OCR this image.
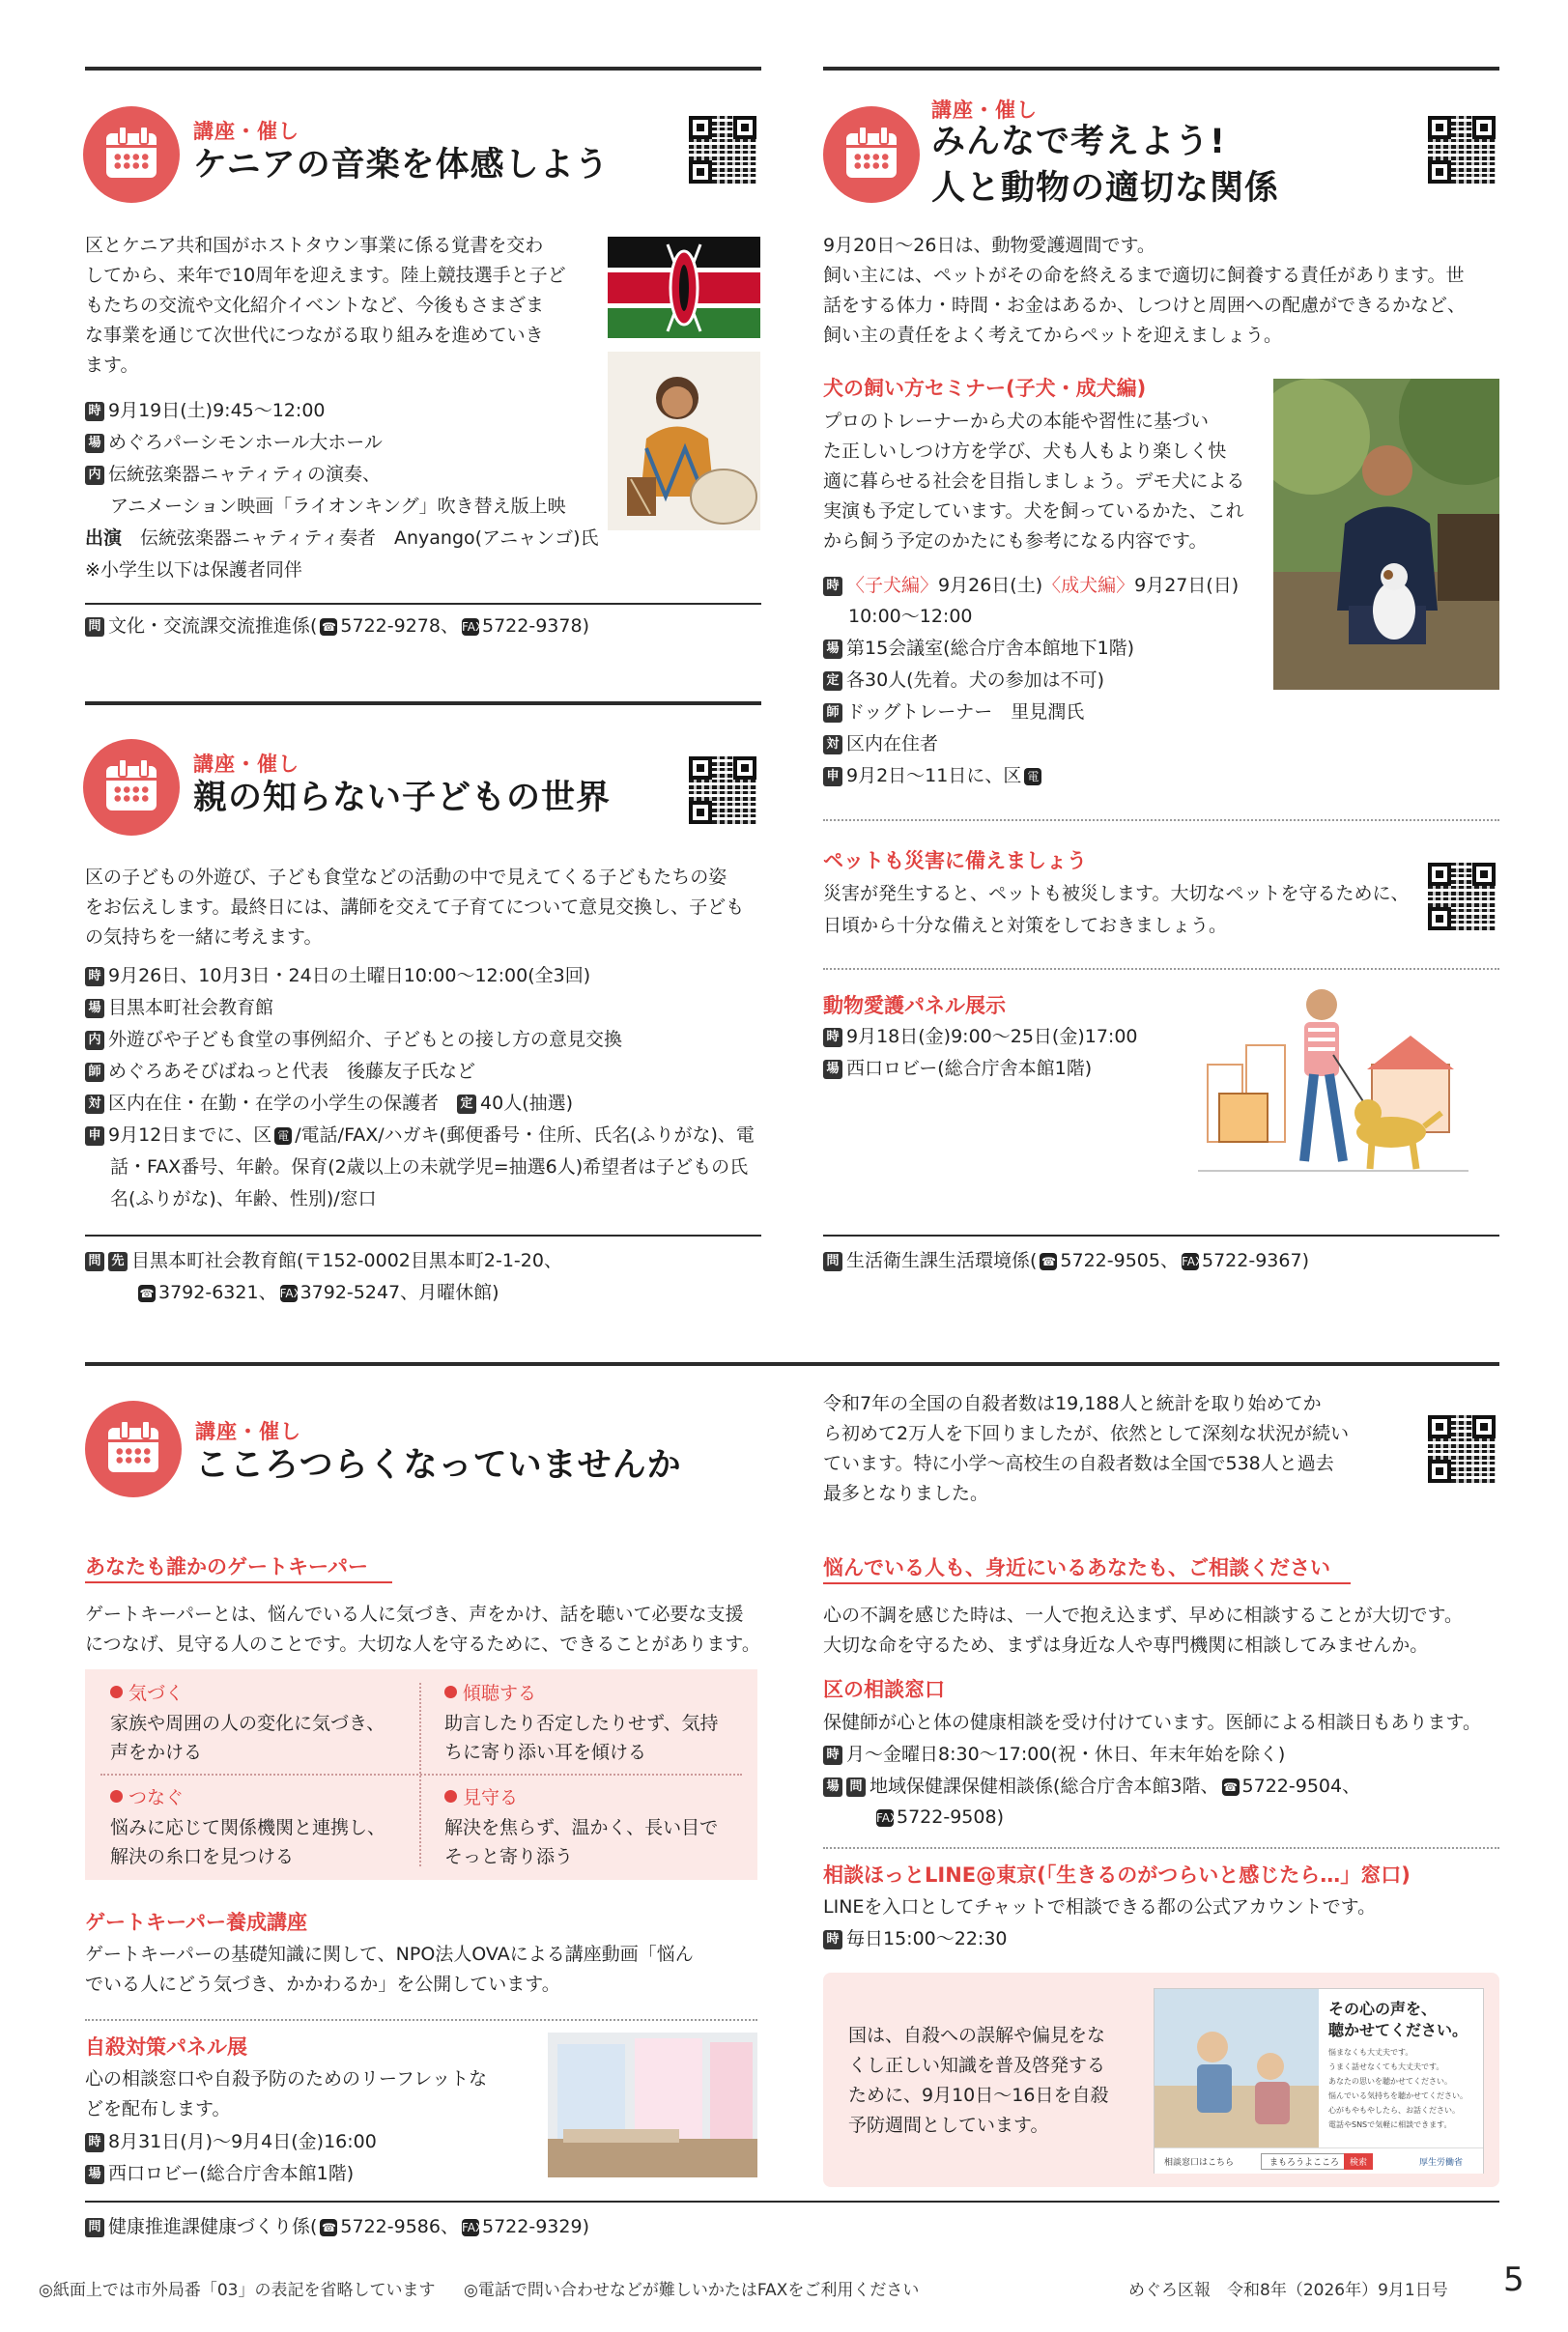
講座・催し
ケニアの音楽を体感しよう
区とケニア共和国がホストタウン事業に係る覚書を交わ
してから、来年で10周年を迎えます。陸上競技選手と子ど
もたちの交流や文化紹介イベントなど、今後もさまざま
な事業を通じて次世代につながる取り組みを進めていき
ます。
時 9月19日(土)9:45〜12:00
場 めぐろパーシモンホール大ホール
内 伝統弦楽器ニャティティの演奏、
アニメーション映画「ライオンキング」吹き替え版上映
出演　 伝統弦楽器ニャティティ奏者　Anyango(アニャンゴ)氏
※小学生以下は保護者同伴
問 文化・交流課交流推進係( ☎ 5722-9278、 FAX5722-9378)
講座・催し
親の知らない子どもの世界
区の子どもの外遊び、子ども食堂などの活動の中で見えてくる子どもたちの姿
をお伝えします。最終日には、講師を交えて子育てについて意見交換し、子ども
の気持ちを一緒に考えます。
時 9月26日、10月3日・24日の土曜日10:00〜12:00(全3回)
場 目黒本町社会教育館
内 外遊びや子ども食堂の事例紹介、子どもとの接し方の意見交換
師 めぐろあそびばねっと代表　後藤友子氏など
対 区内在住・在勤・在学の小学生の保護者　 定 40人(抽選)
申 9月12日までに、区 電 /電話/FAX/ハガキ(郵便番号・住所、氏名(ふりがな)、電
話・FAX番号、年齢。保育(2歳以上の未就学児=抽選6人)希望者は子どもの氏
名(ふりがな)、年齢、性別)/窓口
問 先 目黒本町社会教育館(〒152-0002目黒本町2-1-20、
☎ 3792-6321、 FAX3792-5247、月曜休館)
講座・催し
みんなで考えよう!
人と動物の適切な関係
9月20日〜26日は、動物愛護週間です。
飼い主には、ペットがその命を終えるまで適切に飼養する責任があります。世
話をする体力・時間・お金はあるか、しつけと周囲への配慮ができるかなど、
飼い主の責任をよく考えてからペットを迎えましょう。
犬の飼い方セミナー(子犬・成犬編)
プロのトレーナーから犬の本能や習性に基づい
た正しいしつけ方を学び、犬も人もより楽しく快
適に暮らせる社会を目指しましょう。デモ犬による
実演も予定しています。犬を飼っているかた、これ
から飼う予定のかたにも参考になる内容です。
時 〈子犬編〉9月26日(土)〈成犬編〉9月27日(日)
10:00〜12:00
場 第15会議室(総合庁舎本館地下1階)
定 各30人(先着。犬の参加は不可)
師 ドッグトレーナー　里見潤氏
対 区内在住者
申 9月2日〜11日に、区 電
ペットも災害に備えましょう
災害が発生すると、ペットも被災します。大切なペットを守るために、
日頃から十分な備えと対策をしておきましょう。
動物愛護パネル展示
時 9月18日(金)9:00〜25日(金)17:00
場 西口ロビー(総合庁舎本館1階)
問 生活衛生課生活環境係( ☎ 5722-9505、 FAX5722-9367)
講座・催し
こころつらくなっていませんか
令和7年の全国の自殺者数は19,188人と統計を取り始めてか
ら初めて2万人を下回りましたが、依然として深刻な状況が続い
ています。特に小学〜高校生の自殺者数は全国で538人と過去
最多となりました。
あなたも誰かのゲートキーパー
ゲートキーパーとは、悩んでいる人に気づき、声をかけ、話を聴いて必要な支援
につなげ、見守る人のことです。大切な人を守るために、できることがあります。
気づく
家族や周囲の人の変化に気づき、
声をかける
傾聴する
助言したり否定したりせず、気持
ちに寄り添い耳を傾ける
つなぐ
悩みに応じて関係機関と連携し、
解決の糸口を見つける
見守る
解決を焦らず、温かく、長い目で
そっと寄り添う
ゲートキーパー養成講座
ゲートキーパーの基礎知識に関して、NPO法人OVAによる講座動画「悩ん
でいる人にどう気づき、かかわるか」を公開しています。
自殺対策パネル展
心の相談窓口や自殺予防のためのリーフレットな
どを配布します。
時 8月31日(月)〜9月4日(金)16:00
場 西口ロビー(総合庁舎本館1階)
悩んでいる人も、身近にいるあなたも、ご相談ください
心の不調を感じた時は、一人で抱え込まず、早めに相談することが大切です。
大切な命を守るため、まずは身近な人や専門機関に相談してみませんか。
区の相談窓口
保健師が心と体の健康相談を受け付けています。医師による相談日もあります。
時 月〜金曜日8:30〜17:00(祝・休日、年末年始を除く)
場 問 地域保健課保健相談係(総合庁舎本館3階、 ☎ 5722-9504、
FAX5722-9508)
相談ほっとLINE@東京(「生きるのがつらいと感じたら…」窓口)
LINEを入口としてチャットで相談できる都の公式アカウントです。
時 毎日15:00〜22:30
国は、自殺への誤解や偏見をな
くし正しい知識を普及啓発する
ために、9月10日〜16日を自殺
予防週間としています。
その心の声を、
聴かせてください。
悩まなくも大丈夫です。
うまく話せなくても大丈夫です。
あなたの思いを聴かせてください。
悩んでいる気持ちを聴かせてください。
心がもやもやしたら、お話ください。
電話やSNSで気軽に相談できます。
相談窓口はこちら	まもろうよこころ	検索	厚生労働省
問 健康推進課健康づくり係( ☎ 5722-9586、 FAX5722-9329)
◎紙面上では市外局番「03」の表記を省略しています ◎電話で問い合わせなどが難しいかたはFAXをご利用ください	めぐろ区報　令和8年（2026年）9月1日号 5
